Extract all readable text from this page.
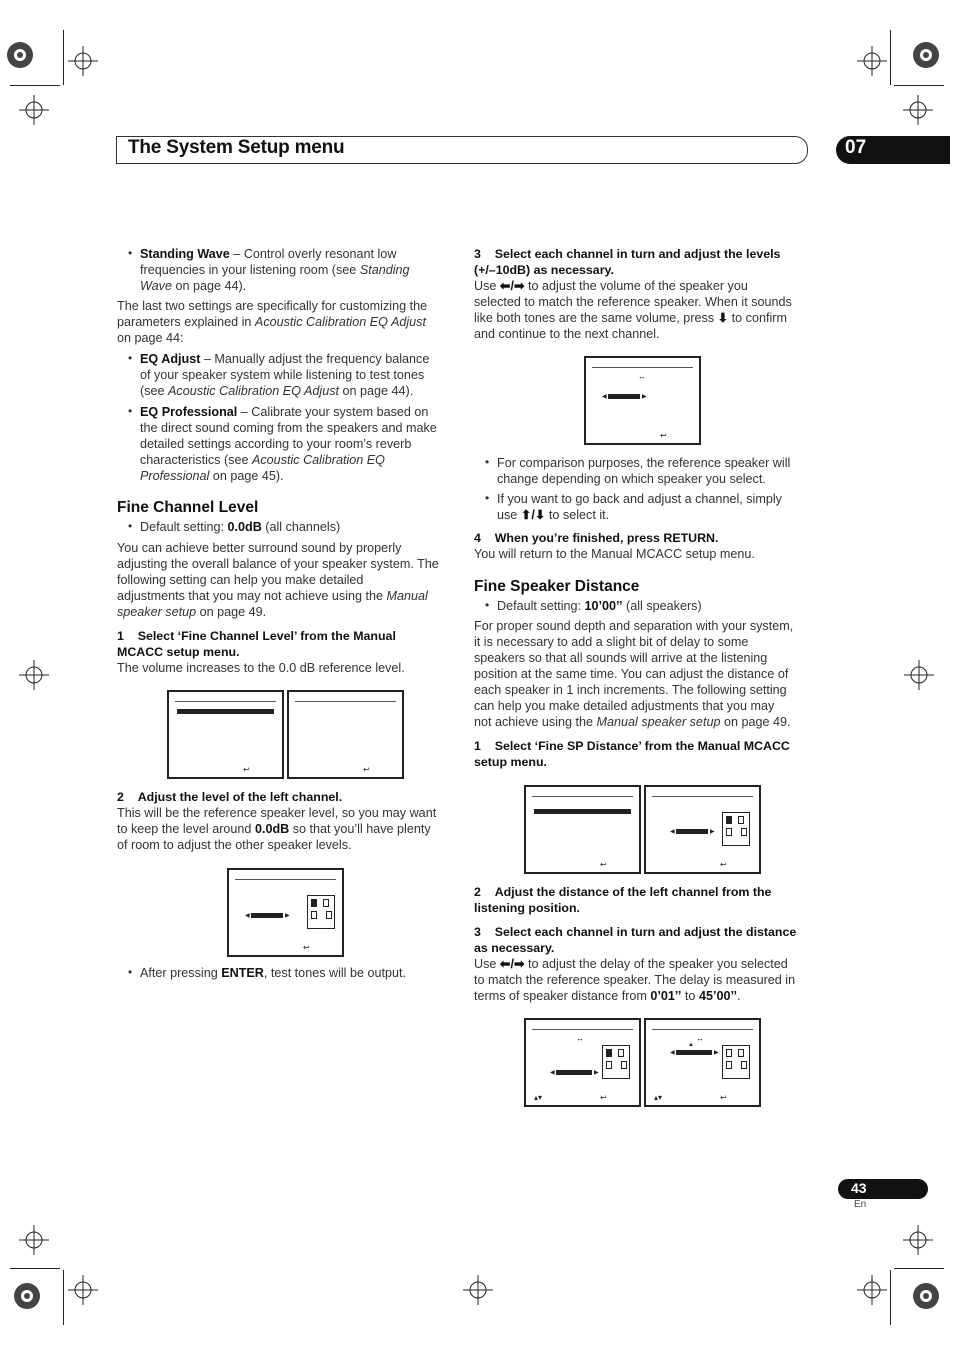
The System Setup menu	07
• Standing Wave – Control overly resonant low
frequencies in your listening room (see Standing
Wave on page 44).
The last two settings are specifically for customizing the
parameters explained in Acoustic Calibration EQ Adjust
on page 44:
• EQ Adjust – Manually adjust the frequency balance
of your speaker system while listening to test tones
(see Acoustic Calibration EQ Adjust on page 44).
• EQ Professional – Calibrate your system based on
the direct sound coming from the speakers and make
detailed settings according to your room’s reverb
characteristics (see Acoustic Calibration EQ
Professional on page 45).
Fine Channel Level
• Default setting: 0.0dB (all channels)
You can achieve better surround sound by properly
adjusting the overall balance of your speaker system. The
following setting can help you make detailed
adjustments that you may not achieve using the Manual
speaker setup on page 49.
1 Select ‘Fine Channel Level’ from the Manual
MCACC setup menu.
The volume increases to the 0.0 dB reference level.
↩	↩
2 Adjust the level of the left channel.
This will be the reference speaker level, so you may want
to keep the level around 0.0dB so that you’ll have plenty
of room to adjust the other speaker levels.
◀	▶
↩
• After pressing ENTER, test tones will be output.
3 Select each channel in turn and adjust the levels
(+/–10dB) as necessary.
Use ⬅/➡ to adjust the volume of the speaker you
selected to match the reference speaker. When it sounds
like both tones are the same volume, press ⬇ to confirm
and continue to the next channel.
↔
◀	▶
↩
• For comparison purposes, the reference speaker will
change depending on which speaker you select.
• If you want to go back and adjust a channel, simply
use ⬆/⬇ to select it.
4 When you’re finished, press RETURN.
You will return to the Manual MCACC setup menu.
Fine Speaker Distance
• Default setting: 10’00’’ (all speakers)
For proper sound depth and separation with your system,
it is necessary to add a slight bit of delay to some
speakers so that all sounds will arrive at the listening
position at the same time. You can adjust the distance of
each speaker in 1 inch increments. The following setting
can help you make detailed adjustments that you may
not achieve using the Manual speaker setup on page 49.
1 Select ‘Fine SP Distance’ from the Manual MCACC
setup menu.
↩
◀	▶
↩
2 Adjust the distance of the left channel from the
listening position.
3 Select each channel in turn and adjust the distance
as necessary.
Use ⬅/➡ to adjust the delay of the speaker you selected
to match the reference speaker. The delay is measured in
terms of speaker distance from 0’01’’ to 45’00’’.
↔
◀	▶
▴▾	↩
↔
▲
◀	▶
▴▾	↩
43
En
